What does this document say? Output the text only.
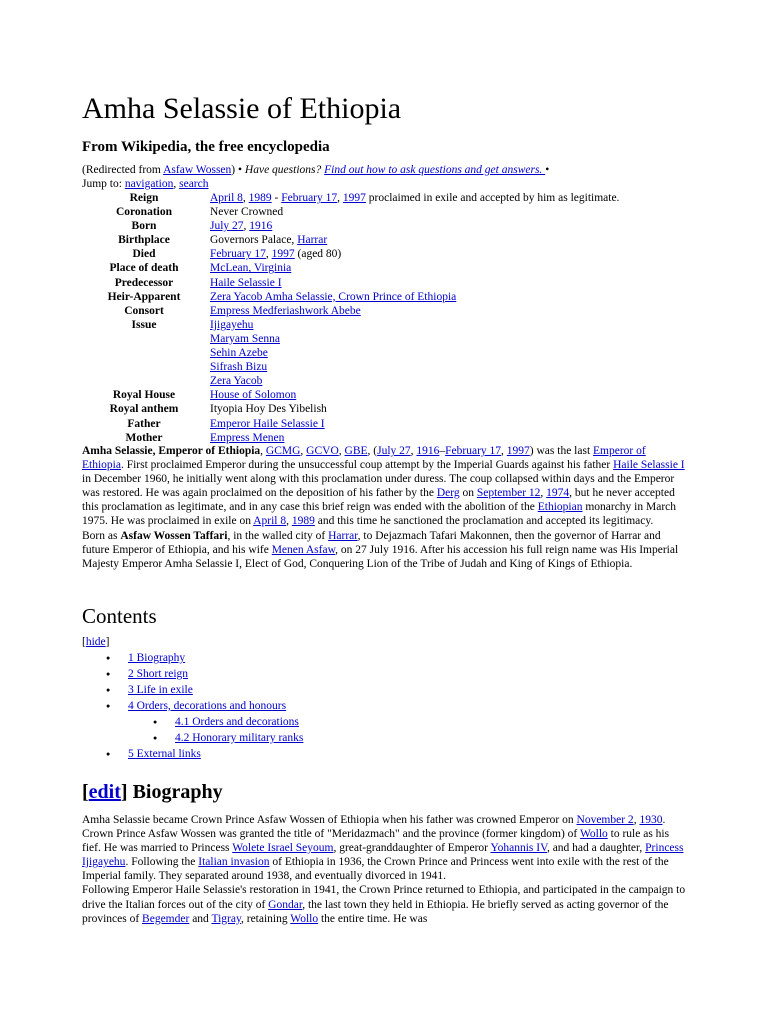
Amha Selassie of Ethiopia
From Wikipedia, the free encyclopedia
(Redirected from Asfaw Wossen) • Have questions? Find out how to ask questions and get answers. •
Jump to: navigation, search
Reign	April 8, 1989 - February 17, 1997 proclaimed in exile and accepted by him as legitimate.
Coronation	Never Crowned
Born	July 27, 1916
Birthplace	Governors Palace, Harrar
Died	February 17, 1997 (aged 80)
Place of death	McLean, Virginia
Predecessor	Haile Selassie I
Heir-Apparent	Zera Yacob Amha Selassie, Crown Prince of Ethiopia
Consort	Empress Medferiashwork Abebe
Issue	Ijigayehu
Maryam Senna
Sehin Azebe
Sifrash Bizu
Zera Yacob
Royal House	House of Solomon
Royal anthem	Ityopia Hoy Des Yibelish
Father	Emperor Haile Selassie I
Mother	Empress Menen

Amha Selassie, Emperor of Ethiopia, GCMG, GCVO, GBE, (July 27, 1916–February 17, 1997) was the last Emperor of Ethiopia. First proclaimed Emperor during the unsuccessful coup attempt by the Imperial Guards against his father Haile Selassie I in December 1960, he initially went along with this proclamation under duress. The coup collapsed within days and the Emperor was restored. He was again proclaimed on the deposition of his father by the Derg on September 12, 1974, but he never accepted this proclamation as legitimate, and in any case this brief reign was ended with the abolition of the Ethiopian monarchy in March 1975. He was proclaimed in exile on April 8, 1989 and this time he sanctioned the proclamation and accepted its legitimacy.

Born as Asfaw Wossen Taffari, in the walled city of Harrar, to Dejazmach Tafari Makonnen, then the governor of Harrar and future Emperor of Ethiopia, and his wife Menen Asfaw, on 27 July 1916. After his accession his full reign name was His Imperial Majesty Emperor Amha Selassie I, Elect of God, Conquering Lion of the Tribe of Judah and King of Kings of Ethiopia.

Contents
[hide]
● 1 Biography
● 2 Short reign
● 3 Life in exile
● 4 Orders, decorations and honours
● 4.1 Orders and decorations
● 4.2 Honorary military ranks
● 5 External links
[edit] Biography

Amha Selassie became Crown Prince Asfaw Wossen of Ethiopia when his father was crowned Emperor on November 2, 1930. Crown Prince Asfaw Wossen was granted the title of "Meridazmach" and the province (former kingdom) of Wollo to rule as his fief. He was married to Princess Wolete Israel Seyoum, great-granddaughter of Emperor Yohannis IV, and had a daughter, Princess Ijigayehu. Following the Italian invasion of Ethiopia in 1936, the Crown Prince and Princess went into exile with the rest of the Imperial family. They separated around 1938, and eventually divorced in 1941.

Following Emperor Haile Selassie's restoration in 1941, the Crown Prince returned to Ethiopia, and participated in the campaign to drive the Italian forces out of the city of Gondar, the last town they held in Ethiopia. He briefly served as acting governor of the provinces of Begemder and Tigray, retaining Wollo the entire time. He was
